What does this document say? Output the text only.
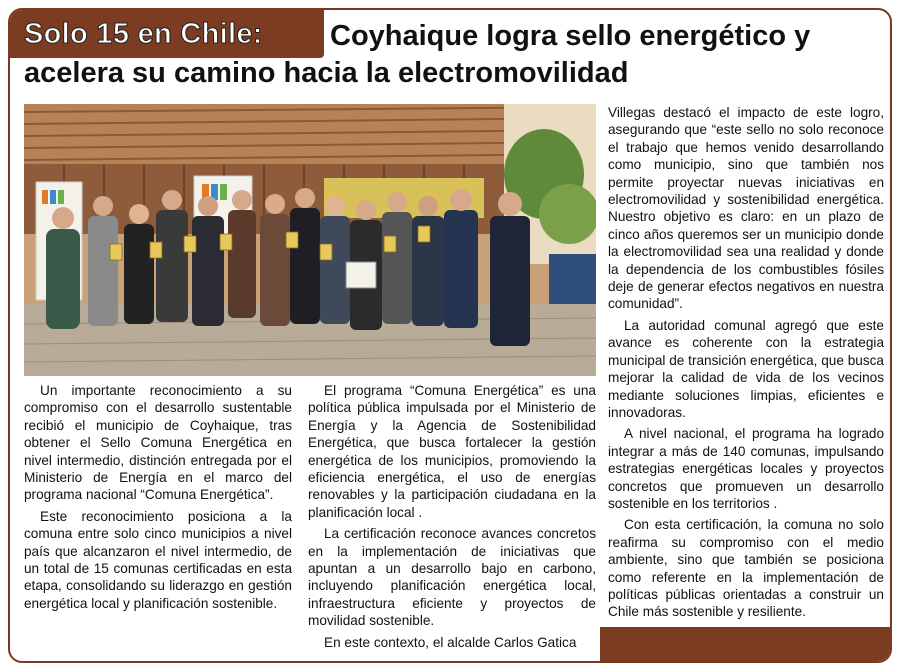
Solo 15 en Chile:	Coyhaique logra sello energético y acelera su camino hacia la electromovilidad

Un importante reconocimiento a su compromiso con el desarrollo sustentable recibió el municipio de Coyhaique, tras obtener el Sello Comuna Energética en nivel intermedio, distinción entregada por el Ministerio de Energía en el marco del programa nacional “Comuna Energética”.

Este reconocimiento posiciona a la comuna entre solo cinco municipios a nivel país que alcanzaron el nivel intermedio, de un total de 15 comunas certificadas en esta etapa, consolidando su liderazgo en gestión energética local y planificación sostenible.

El programa “Comuna Energética” es una política pública impulsada por el Ministerio de Energía y la Agencia de Sostenibilidad Energética, que busca fortalecer la gestión energética de los municipios, promoviendo la eficiencia energética, el uso de energías renovables y la participación ciudadana en la planificación local .

La certificación reconoce avances concretos en la implementación de iniciativas que apuntan a un desarrollo bajo en carbono, incluyendo planificación energética local, infraestructura eficiente y proyectos de movilidad sostenible.

En este contexto, el alcalde Carlos Gatica

Villegas destacó el impacto de este logro, asegurando que “este sello no solo reconoce el trabajo que hemos venido desarrollando como municipio, sino que también nos permite proyectar nuevas iniciativas en electromovilidad y sostenibilidad energética. Nuestro objetivo es claro: en un plazo de cinco años queremos ser un municipio donde la electromovilidad sea una realidad y donde la dependencia de los combustibles fósiles deje de generar efectos negativos en nuestra comunidad”.

La autoridad comunal agregó que este avance es coherente con la estrategia municipal de transición energética, que busca mejorar la calidad de vida de los vecinos mediante soluciones limpias, eficientes e innovadoras.

A nivel nacional, el programa ha logrado integrar a más de 140 comunas, impulsando estrategias energéticas locales y proyectos concretos que promueven un desarrollo sostenible en los territorios .

Con esta certificación, la comuna no solo reafirma su compromiso con el medio ambiente, sino que también se posiciona como referente en la implementación de políticas públicas orientadas a construir un Chile más sostenible y resiliente.
